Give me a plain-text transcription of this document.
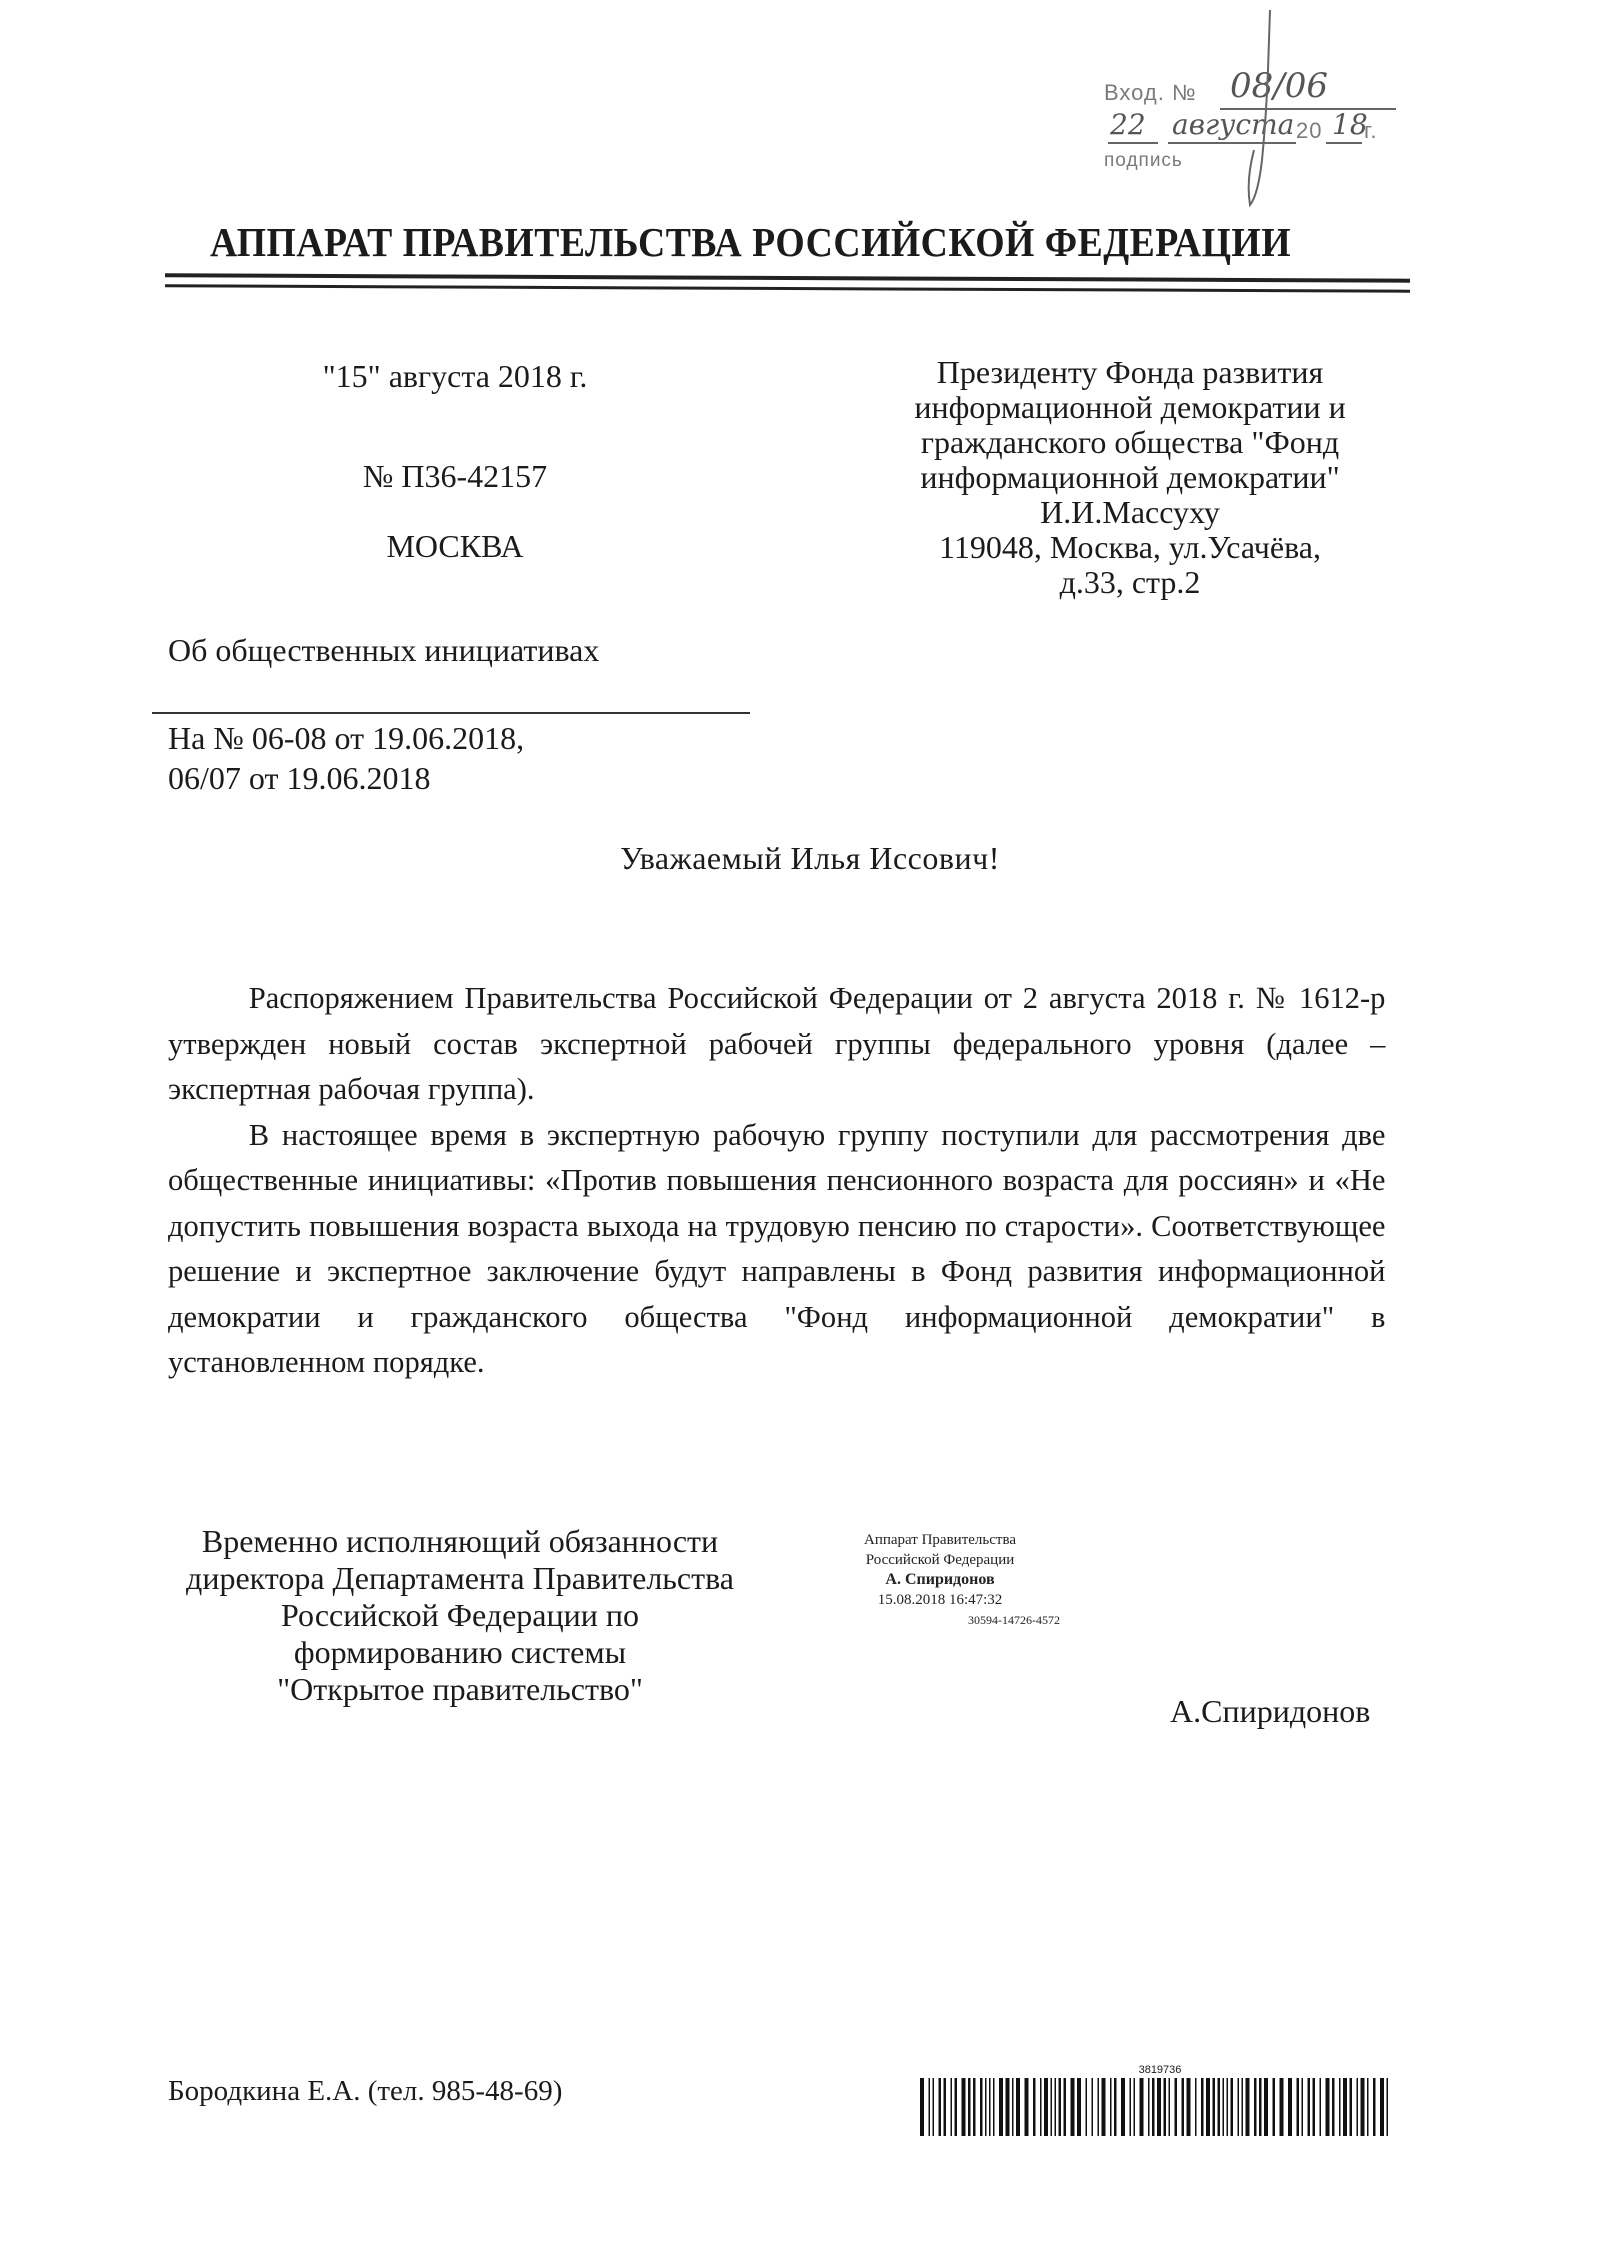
Вход. № 08/06
22 августа 20 18
г.
подпись
АППАРАТ ПРАВИТЕЛЬСТВА РОССИЙСКОЙ ФЕДЕРАЦИИ
"15" августа 2018 г.
№ П36-42157
МОСКВА
Об общественных инициативах
На № 06-08 от 19.06.2018,
06/07 от 19.06.2018
Президенту Фонда развития
информационной демократии и
гражданского общества "Фонд
информационной демократии"
И.И.Массуху
119048, Москва, ул.Усачёва,
д.33, стр.2
Уважаемый Илья Иссович!

Распоряжением Правительства Российской Федерации от 2 августа 2018 г. № 1612-р утвержден новый состав экспертной рабочей группы федерального уровня (далее – экспертная рабочая группа).

В настоящее время в экспертную рабочую группу поступили для рассмотрения две общественные инициативы: «Против повышения пенсионного возраста для россиян» и «Не допустить повышения возраста выхода на трудовую пенсию по старости». Соответствующее решение и экспертное заключение будут направлены в Фонд развития информационной демократии и гражданского общества "Фонд информационной демократии" в установленном порядке.

Временно исполняющий обязанности
директора Департамента Правительства
Российской Федерации по
формированию системы
"Открытое правительство"
Аппарат Правительства
Российской Федерации
А. Спиридонов
15.08.2018 16:47:32
30594-14726-4572
А.Спиридонов
Бородкина Е.А. (тел. 985-48-69)
3819736
